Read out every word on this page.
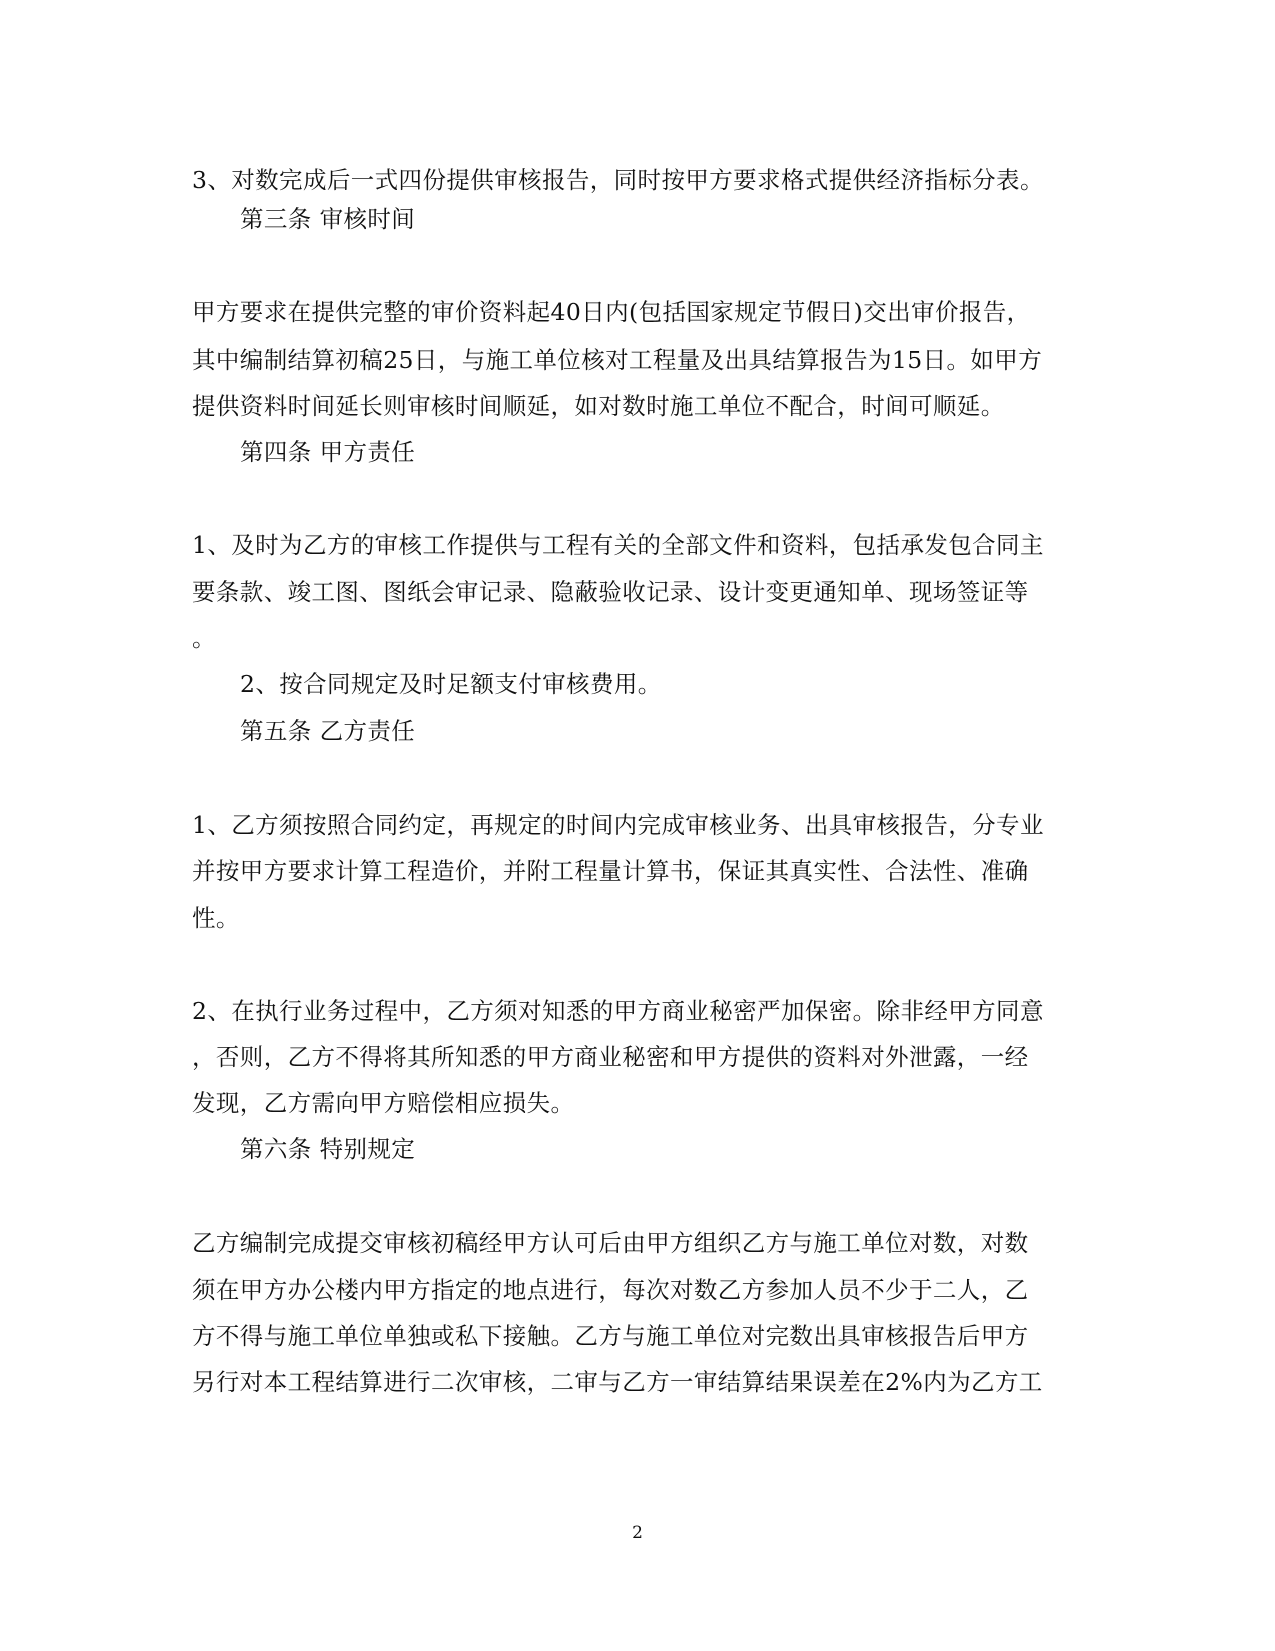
3、对数完成后一式四份提供审核报告，同时按甲方要求格式提供经济指标分表。
第三条 审核时间
甲方要求在提供完整的审价资料起40日内(包括国家规定节假日)交出审价报告，
其中编制结算初稿25日，与施工单位核对工程量及出具结算报告为15日。如甲方
提供资料时间延长则审核时间顺延，如对数时施工单位不配合，时间可顺延。
第四条 甲方责任
1、及时为乙方的审核工作提供与工程有关的全部文件和资料，包括承发包合同主
要条款、竣工图、图纸会审记录、隐蔽验收记录、设计变更通知单、现场签证等
。
2、按合同规定及时足额支付审核费用。
第五条 乙方责任
1、乙方须按照合同约定，再规定的时间内完成审核业务、出具审核报告，分专业
并按甲方要求计算工程造价，并附工程量计算书，保证其真实性、合法性、准确
性。
2、在执行业务过程中，乙方须对知悉的甲方商业秘密严加保密。除非经甲方同意
，否则，乙方不得将其所知悉的甲方商业秘密和甲方提供的资料对外泄露，一经
发现，乙方需向甲方赔偿相应损失。
第六条 特别规定
乙方编制完成提交审核初稿经甲方认可后由甲方组织乙方与施工单位对数，对数
须在甲方办公楼内甲方指定的地点进行，每次对数乙方参加人员不少于二人，乙
方不得与施工单位单独或私下接触。乙方与施工单位对完数出具审核报告后甲方
另行对本工程结算进行二次审核，二审与乙方一审结算结果误差在2%内为乙方工
2
